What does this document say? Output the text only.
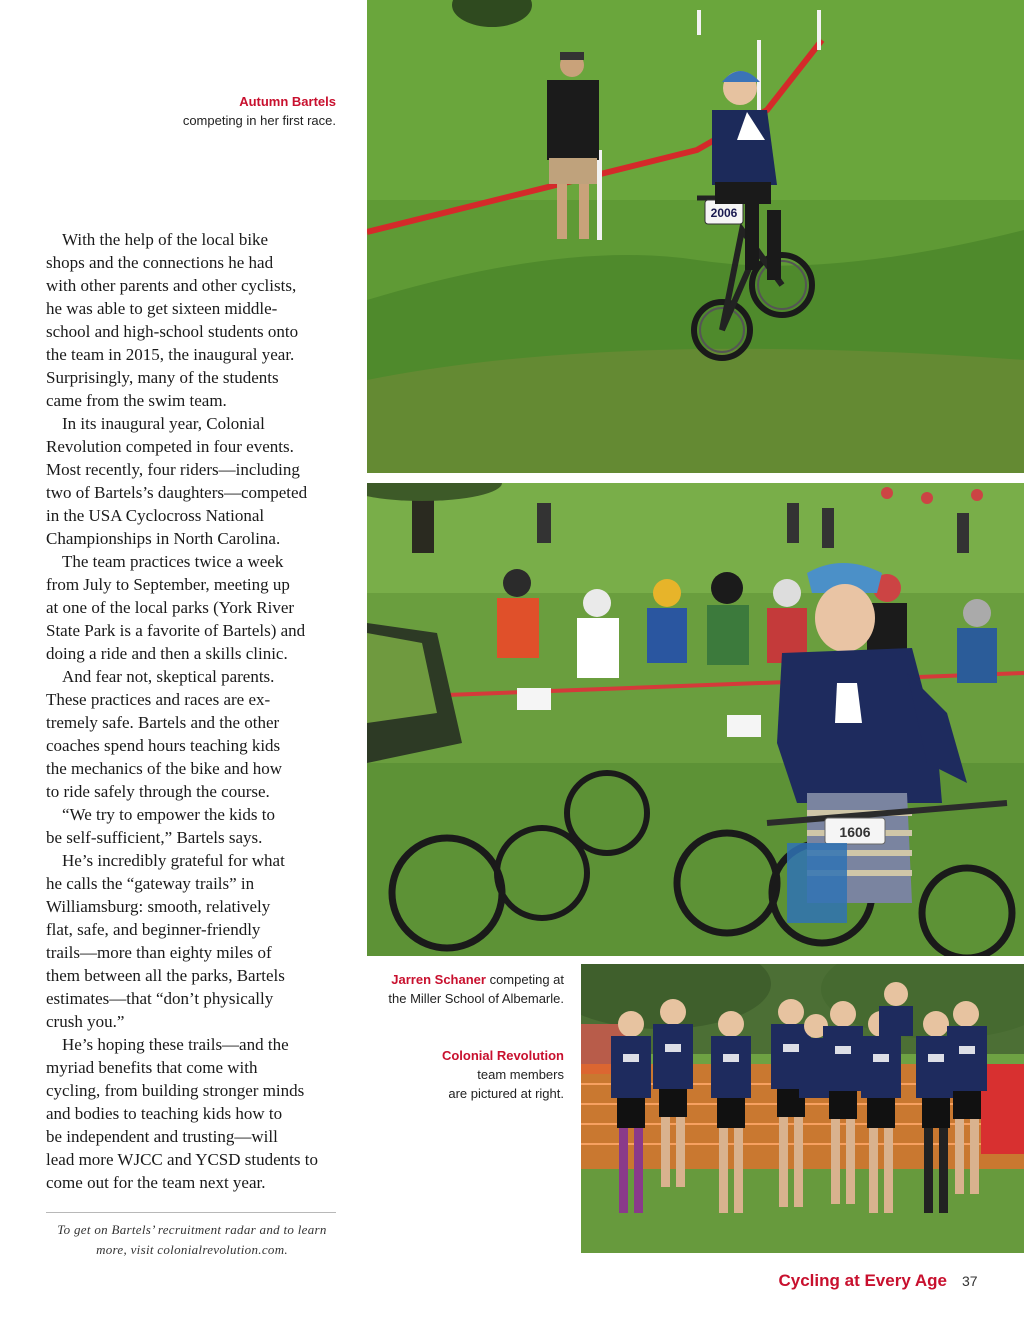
Autumn Bartels
competing in her first race.
Jarren Schaner competing at
the Miller School of Albemarle.
Colonial Revolution
team members
are pictured at right.

With the help of the local bike
shops and the connections he had
with other parents and other cyclists,
he was able to get sixteen middle-
school and high-school students onto
the team in 2015, the inaugural year.
Surprisingly, many of the students
came from the swim team.

In its inaugural year, Colonial
Revolution competed in four events.
Most recently, four riders—including
two of Bartels’s daughters—competed
in the USA Cyclocross National
Championships in North Carolina.

The team practices twice a week
from July to September, meeting up
at one of the local parks (York River
State Park is a favorite of Bartels) and
doing a ride and then a skills clinic.

And fear not, skeptical parents.
These practices and races are ex-
tremely safe. Bartels and the other
coaches spend hours teaching kids
the mechanics of the bike and how
to ride safely through the course.

“We try to empower the kids to
be self-sufficient,” Bartels says.

He’s incredibly grateful for what
he calls the “gateway trails” in
Williamsburg: smooth, relatively
flat, safe, and beginner-friendly
trails—more than eighty miles of
them between all the parks, Bartels
estimates—that “don’t physically
crush you.”

He’s hoping these trails—and the
myriad benefits that come with
cycling, from building stronger minds
and bodies to teaching kids how to
be independent and trusting—will
lead more WJCC and YCSD students to
come out for the team next year.

To get on Bartels’ recruitment radar and to learn
more, visit colonialrevolution.com.
Cycling at Every Age 37
2006
1606
